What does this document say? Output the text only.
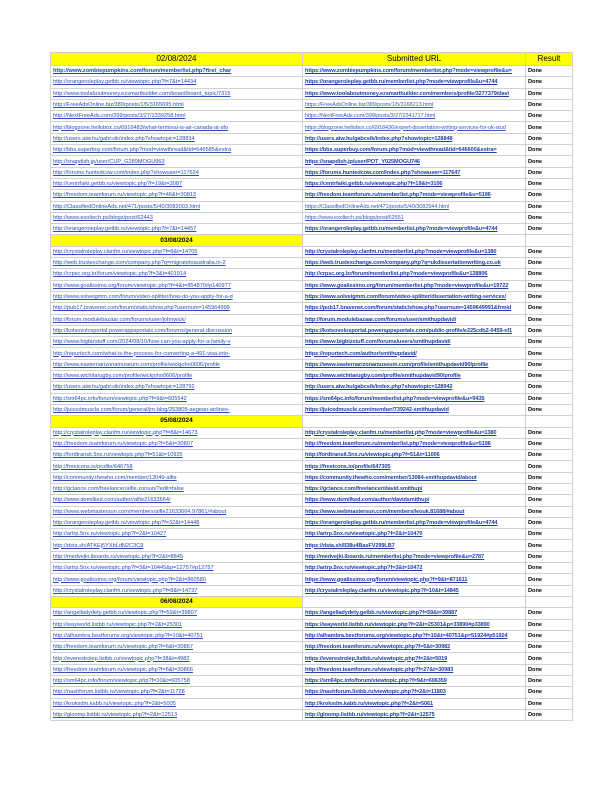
02/08/2024	Submitted URL	Result
http://www.zombiepumpkins.com/forum/memberlist.php?first_char	https://www.zombiepumpkins.com/forum/memberlist.php?mode=viewprofile&u=	Done
http://orangeroleplay.getbb.ru/viewtopic.php?f=7&t=14434	https://orangeroleplay.getbb.ru/memberlist.php?mode=viewprofile&u=4744	Done
http://www.toolaboutmoney.ezsmartbuilder.com/board/board_topic/7315	https://www.toolaboutmoney.ezsmartbuilder.com/members/profile/3277379/davi	Done
http://FreeAdsOnline.biz/389/posts/1/5/3165695.html	https://FreeAdsOnline.biz/389/posts/1/5/3168213.html	Done
http://NextFreeAds.com/399/posts/3/27/2339258.html	https://NextFreeAds.com/399/posts/3/27/2341717.html	Done
http://blogzone.hellobox.co/6916483/what-terminal-is-air-canada-at-sfo	https://blogzone.hellobox.co/6918436/expert-dissertation-writing-services-for-uk-stud	Done
http://users.atw.hu/gabcsik/index.php?showtopic=128834	http://users.atw.hu/gabcsik/index.php?showtopic=128848	Done
http://bbs.superbuy.com/forum.php?mod=viewthread&tid=646585&extra	https://bbs.superbuy.com/forum.php?mod=viewthread&tid=646600&extra=	Done
http://snapdish.jp/user/CUP_G289MOGU963	https://snapdish.jp/user/POT_Y025MOGU746	Done
http://forums.huntedcow.com/index.php?showuser=117624	https://forums.huntedcow.com/index.php?showuser=117647	Done
http://centrfaiki.getbb.ru/viewtopic.php?f=19&t=3087	https://centrfaiki.getbb.ru/viewtopic.php?f=19&t=3106	Done
http://freedom.teamforum.ru/viewtopic.php?f=46&t=30813	http://freedom.teamforum.ru/memberlist.php?mode=viewprofile&u=5196	Done
http://ClassifiedOnlineAds.net/471/posts/5/40/3082003.html	https://ClassifiedOnlineAds.net/471/posts/5/40/3082944.html	Done
http://www.exoltech.ps/blogs/post/62443	https://www.exoltech.ps/blogs/post/62551	Done
http://orangeroleplay.getbb.ru/viewtopic.php?f=7&t=14457	https://orangeroleplay.getbb.ru/memberlist.php?mode=viewprofile&u=4744	Done
03/08/2024		
http://crystalroleplay.clanfm.ru/viewtopic.php?f=8&t=14705	http://crystalroleplay.clanfm.ru/memberlist.php?mode=viewprofile&u=1380	Done
http://web.trustexchange.com/company.php?q=migratetoaustralia.in-2	https://web.trustexchange.com/company.php?q=ukdissertationwriting.co.uk	Done
http://crpsc.org.br/forum/viewtopic.php?f=3&t=401914	http://crpsc.org.br/forum/memberlist.php?mode=viewprofile&u=128806	Done
http://www.goalissimo.org/forum/viewtopic.php?f=4&t=854870#p140977	https://www.goalissimo.org/forum/memberlist.php?mode=viewprofile&u=19722	Done
http://www.solveigmm.com/forum/video-splitter/how-do-you-apply-for-a-d	https://www.solveigmm.com/forum/video-splitter/dissertation-writing-services/	Done
http://pub17.bravenet.com/forum/static/show.php?usernum=145964999	https://pub17.bravenet.com/forum/static/show.php?usernum=1459649991&frmid	Done
http://forum.modulebazaar.com/forums/user/johnwick/	http://forum.modulebazaar.com/forums/user/smithupdavid/	Done
http://kotsovolosportal.powerappsportals.com/forums/general-discussion	https://kotsovolosportal.powerappsportals.com/public-profile/e225cdb2-0459-ef1	Done
http://www.bigbizstuff.com/2024/08/10/how-can-you-apply-for-a-family-v	https://www.bigbizstuff.com/forums/users/smithupdavid/	Done
http://repurtech.com/what-is-the-process-for-converting-a-491-visa-into-	https://repurtech.com/author/smithupdavid/	Done
http://www.easternarizonamuseum.com/profile/wickjohn0606/profile	https://www.easternarizonamuseum.com/profile/smithupdavid90/profile	Done
http://www.wichitarugby.com/profile/wickjohn0606/profile	https://www.wichitarugby.com/profile/smithupdavid90/profile	Done
http://users.atw.hu/gabcsik/index.php?showtopic=128792	http://users.atw.hu/gabcsik/index.php?showtopic=128942	Done
http://sm64pc.info/forum/viewtopic.php?f=9&t=605542	https://sm64pc.info/forum/memberlist.php?mode=viewprofile&u=9435	Done
http://juicedmuscle.com/forum/general/jm-blog/253805-aegean-airlines-	https://juicedmuscle.com/member/739242-smithupdavid	Done
05/08/2024		
http://crystalroleplay.clanfm.ru/viewtopic.php?f=8&t=14673	http://crystalroleplay.clanfm.ru/memberlist.php?mode=viewprofile&u=1380	Done
http://freedom.teamforum.ru/viewtopic.php?f=5&t=30807	http://freedom.teamforum.ru/memberlist.php?mode=viewprofile&u=5196	Done
http://fordtransit.5nx.ru/viewtopic.php?f=51&t=10925	http://fordtransit.5nx.ru/viewtopic.php?f=51&t=11006	Done
http://freeicons.io/profile/646758	https://freeicons.io/profile/647305	Done
http://community.thewho.com/member/13049-alfie	https://community.thewho.com/member/13084-smithupdavid/about	Done
http://gclance.com/freelancer/alfie.zorsun/?edit=false	https://gclance.com/freelancer/david.smithup/	Done
http://www.demilked.com/author/alfie21633664/	https://www.demilked.com/author/davidsmithup/	Done
http://www.webmastersun.com/members/alfie21633664.97861/#about	https://www.webmastersun.com/members/leouk.81688/#about	Done
http://orangeroleplay.getbb.ru/viewtopic.php?f=32&t=14448	https://orangeroleplay.getbb.ru/memberlist.php?mode=viewprofile&u=4744	Done
http://artrp.5nx.ru/viewtopic.php?f=2&t=10427	http://artrp.5nx.ru/viewtopic.php?f=2&t=10470	Done
http://dsta.sh/ATKEj5YXbLdN2C3C9	https://dsta.sh/Il38u4BasFV299LB7	Done
http://medvejki.iboards.ru/viewtopic.php?f=2&t=8845	http://medvejki.iboards.ru/memberlist.php?mode=viewprofile&u=2787	Done
http://artrp.5nx.ru/viewtopic.php?f=3&t=10445&p=12757#p12757	http://artrp.5nx.ru/viewtopic.php?f=3&t=10472	Done
http://www.goalissimo.org/forum/viewtopic.php?f=2&t=860580	https://www.goalissimo.org/forum/viewtopic.php?f=9&t=871611	Done
http://crystalroleplay.clanfm.ru/viewtopic.php?f=8&t=14737	http://crystalroleplay.clanfm.ru/viewtopic.php?f=10&t=14845	Done
06/08/2024		
http://angelladydety.getbb.ru/viewtopic.php?f=59&t=39807	https://angelladydety.getbb.ru/viewtopic.php?f=59&t=39887	Done
http://wayworld.listbb.ru/viewtopic.php?f=2&t=25301	https://wayworld.listbb.ru/viewtopic.php?f=2&t=25301&p=33890#p33890	Done
http://alhambra.bestforums.org/viewtopic.php?f=10&t=40751	http://alhambra.bestforums.org/viewtopic.php?f=10&t=40751&p=51924#p51924	Done
http://freedom.teamforum.ru/viewtopic.php?f=6&t=30867	http://freedom.teamforum.ru/viewtopic.php?f=5&t=30982	Done
http://everestrolep.listbb.ru/viewtopic.php?f=38&t=4982	https://everestrolep.listbb.ru/viewtopic.php?f=2&t=5019	Done
http://freedom.teamforum.ru/viewtopic.php?f=6&t=30866	http://freedom.teamforum.ru/viewtopic.php?f=27&t=30983	Done
http://sm64pc.info/forum/viewtopic.php?f=10&t=605758	https://sm64pc.info/forum/viewtopic.php?f=9&t=606359	Done
http://nashforum.listbb.ru/viewtopic.php?f=2&t=11728	https://nashforum.listbb.ru/viewtopic.php?f=2&t=11803	Done
http://kroksdm.kabb.ru/viewtopic.php?f=2&t=5005	http://kroksdm.kabb.ru/viewtopic.php?f=2&t=5061	Done
http://gloomp.listbb.ru/viewtopic.php?f=2&t=12513	http://gloomp.listbb.ru/viewtopic.php?f=2&t=12575	Done
